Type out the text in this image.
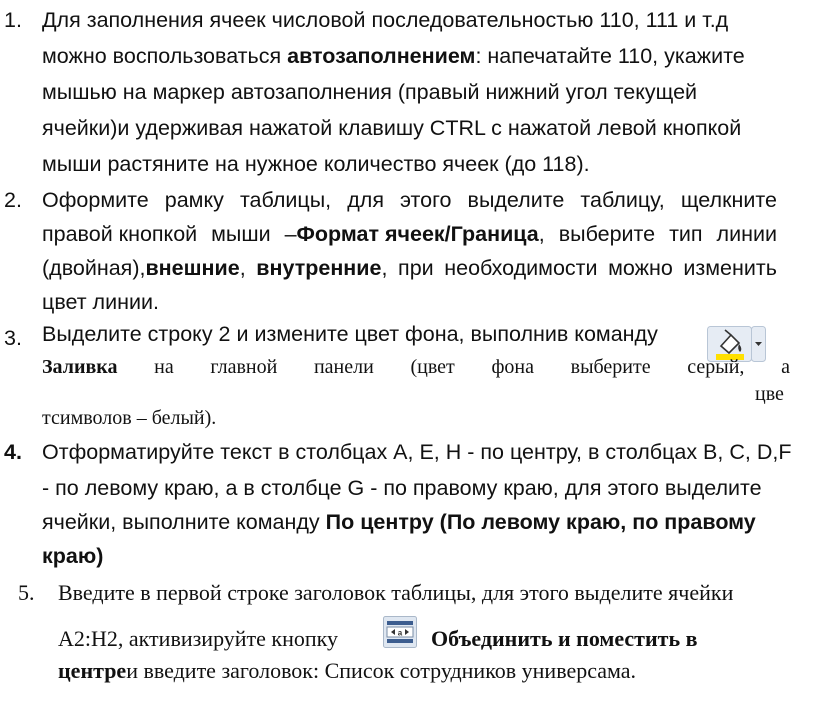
1. Для заполнения ячеек числовой последовательностью 110, 111 и т.д
можно воспользоваться автозаполнением: напечатайте 110, укажите
мышью на маркер автозаполнения (правый нижний угол текущей
ячейки)и удерживая нажатой клавишу CTRL с нажатой левой кнопкой
мыши растяните на нужное количество ячеек (до 118).
2. Оформите рамку таблицы, для этого выделите таблицу, щелкните
правой кнопкой мыши –Формат ячеек/Граница, выберите тип линии
(двойная),внешние, внутренние, при необходимости можно изменить
цвет линии.
3. Выделите строку 2 и измените цвет фона, выполнив команду
Заливка на главной панели (цвет фона выберите серый, а
цве
тсимволов – белый).
4. Отформатируйте текст в столбцах А, Е, Н - по центру, в столбцах В, С, D,F
- по левому краю, а в столбце G - по правому краю, для этого выделите
ячейки, выполните команду По центру (По левому краю, по правому
краю)
5. Введите в первой строке заголовок таблицы, для этого выделите ячейки
A2:H2, активизируйте кнопку	a Объединить и поместить в
центреи введите заголовок: Список сотрудников универсама.
